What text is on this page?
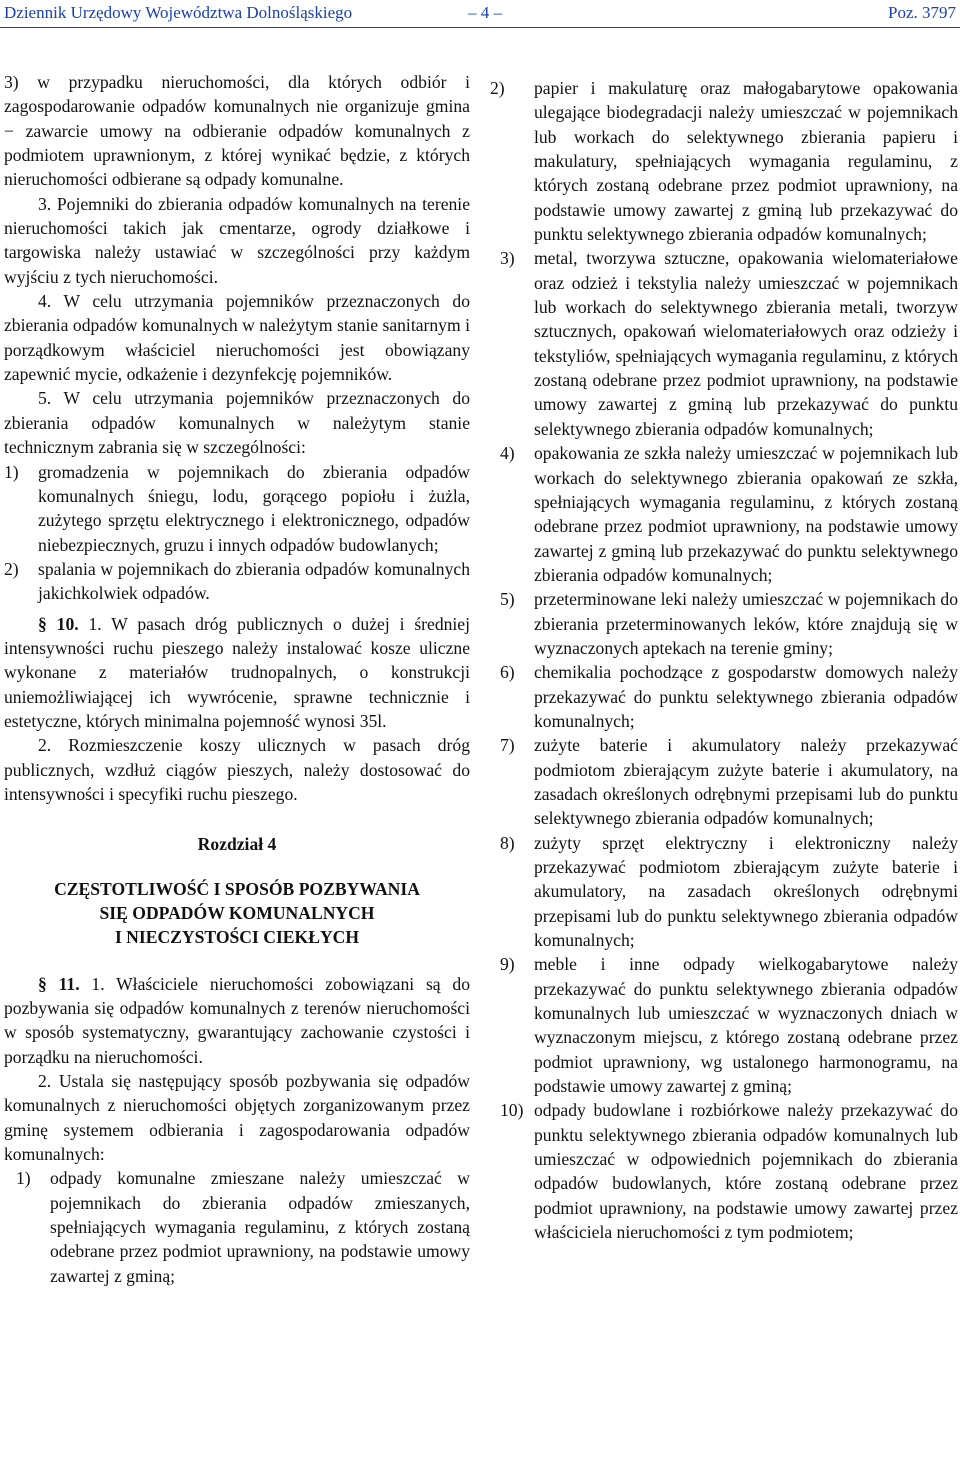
Dziennik Urzędowy Województwa Dolnośląskiego	– 4 –	Poz. 3797

3) w przypadku nieruchomości, dla których odbiór i zagospodarowanie odpadów komunalnych nie organizuje gmina − zawarcie umowy na odbieranie odpadów komunalnych z podmiotem uprawnionym, z której wynikać będzie, z których nieruchomości odbierane są odpady komunalne.

3. Pojemniki do zbierania odpadów komunalnych na terenie nieruchomości takich jak cmentarze, ogrody działkowe i targowiska należy ustawiać w szczególności przy każdym wyjściu z tych nieruchomości.

4. W celu utrzymania pojemników przeznaczonych do zbierania odpadów komunalnych w należytym stanie sanitarnym i porządkowym właściciel nieruchomości jest obowiązany zapewnić mycie, odkażenie i dezynfekcję pojemników.

5. W celu utrzymania pojemników przeznaczonych do zbierania odpadów komunalnych w należytym stanie technicznym zabrania się w szczególności:

1) gromadzenia w pojemnikach do zbierania odpadów komunalnych śniegu, lodu, gorącego popiołu i żużla, zużytego sprzętu elektrycznego i elektronicznego, odpadów niebezpiecznych, gruzu i innych odpadów budowlanych;

2) spalania w pojemnikach do zbierania odpadów komunalnych jakichkolwiek odpadów.

§ 10. 1. W pasach dróg publicznych o dużej i średniej intensywności ruchu pieszego należy instalować kosze uliczne wykonane z materiałów trudnopalnych, o konstrukcji uniemożliwiającej ich wywrócenie, sprawne technicznie i estetyczne, których minimalna pojemność wynosi 35l.

2. Rozmieszczenie koszy ulicznych w pasach dróg publicznych, wzdłuż ciągów pieszych, należy dostosować do intensywności i specyfiki ruchu pieszego.

Rozdział 4

CZĘSTOTLIWOŚĆ I SPOSÓB POZBYWANIA
SIĘ ODPADÓW KOMUNALNYCH
I NIECZYSTOŚCI CIEKŁYCH

§ 11. 1. Właściciele nieruchomości zobowiązani są do pozbywania się odpadów komunalnych z terenów nieruchomości w sposób systematyczny, gwarantujący zachowanie czystości i porządku na nieruchomości.

2. Ustala się następujący sposób pozbywania się odpadów komunalnych z nieruchomości objętych zorganizowanym przez gminę systemem odbierania i zagospodarowania odpadów komunalnych:

1) odpady komunalne zmieszane należy umieszczać w pojemnikach do zbierania odpadów zmieszanych, spełniających wymagania regulaminu, z których zostaną odebrane przez podmiot uprawniony, na podstawie umowy zawartej z gminą;

2)	papier i makulaturę oraz małogabarytowe opakowania ulegające biodegradacji należy umieszczać w pojemnikach lub workach do selektywnego zbierania papieru i makulatury, spełniających wymagania regulaminu, z których zostaną odebrane przez podmiot uprawniony, na podstawie umowy zawartej z gminą lub przekazywać do punktu selektywnego zbierania odpadów komunalnych;

3)	metal, tworzywa sztuczne, opakowania wielomateriałowe oraz odzież i tekstylia należy umieszczać w pojemnikach lub workach do selektywnego zbierania metali, tworzyw sztucznych, opakowań wielomateriałowych oraz odzieży i tekstyliów, spełniających wymagania regulaminu, z których zostaną odebrane przez podmiot uprawniony, na podstawie umowy zawartej z gminą lub przekazywać do punktu selektywnego zbierania odpadów komunalnych;

4)	opakowania ze szkła należy umieszczać w pojemnikach lub workach do selektywnego zbierania opakowań ze szkła, spełniających wymagania regulaminu, z których zostaną odebrane przez podmiot uprawniony, na podstawie umowy zawartej z gminą lub przekazywać do punktu selektywnego zbierania odpadów komunalnych;

5)	przeterminowane leki należy umieszczać w pojemnikach do zbierania przeterminowanych leków, które znajdują się w wyznaczonych aptekach na terenie gminy;

6)	chemikalia pochodzące z gospodarstw domowych należy przekazywać do punktu selektywnego zbierania odpadów komunalnych;

7)	zużyte baterie i akumulatory należy przekazywać podmiotom zbierającym zużyte baterie i akumulatory, na zasadach określonych odrębnymi przepisami lub do punktu selektywnego zbierania odpadów komunalnych;

8)	zużyty sprzęt elektryczny i elektroniczny należy przekazywać podmiotom zbierającym zużyte baterie i akumulatory, na zasadach określonych odrębnymi przepisami lub do punktu selektywnego zbierania odpadów komunalnych;

9)	meble i inne odpady wielkogabarytowe należy przekazywać do punktu selektywnego zbierania odpadów komunalnych lub umieszczać w wyznaczonych dniach w wyznaczonym miejscu, z którego zostaną odebrane przez podmiot uprawniony, wg ustalonego harmonogramu, na podstawie umowy zawartej z gminą;

10) odpady budowlane i rozbiórkowe należy przekazywać do punktu selektywnego zbierania odpadów komunalnych lub umieszczać w odpowiednich pojemnikach do zbierania odpadów budowlanych, które zostaną odebrane przez podmiot uprawniony, na podstawie umowy zawartej przez właściciela nieruchomości z tym podmiotem;
